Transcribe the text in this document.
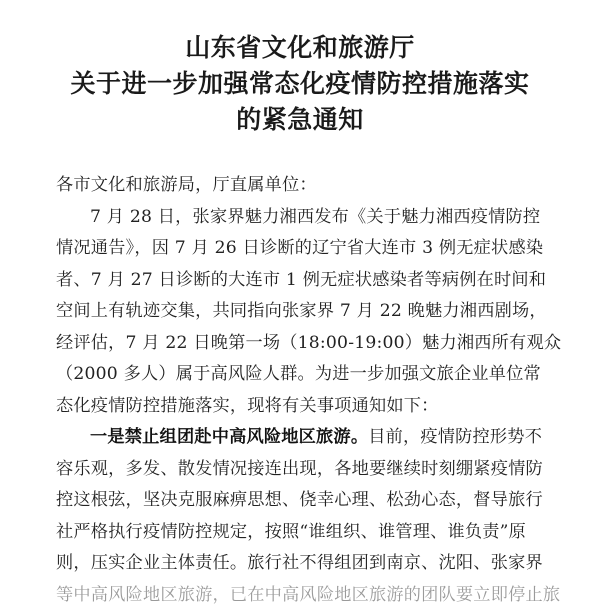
山东省文化和旅游厅
关于进一步加强常态化疫情防控措施落实
的紧急通知
各市文化和旅游局，厅直属单位：
7 月 28 日，张家界魅力湘西发布《关于魅力湘西疫情防控
情况通告》，因 7 月 26 日诊断的辽宁省大连市 3 例无症状感染
者、7 月 27 日诊断的大连市 1 例无症状感染者等病例在时间和
空间上有轨迹交集，共同指向张家界 7 月 22 晚魅力湘西剧场，
经评估，7 月 22 日晚第一场（18:00-19:00）魅力湘西所有观众
（2000 多人）属于高风险人群。为进一步加强文旅企业单位常
态化疫情防控措施落实，现将有关事项通知如下：
一是禁止组团赴中高风险地区旅游。目前，疫情防控形势不
容乐观，多发、散发情况接连出现，各地要继续时刻绷紧疫情防
控这根弦，坚决克服麻痹思想、侥幸心理、松劲心态，督导旅行
社严格执行疫情防控规定，按照“谁组织、谁管理、谁负责”原
则，压实企业主体责任。旅行社不得组团到南京、沈阳、张家界
等中高风险地区旅游，已在中高风险地区旅游的团队要立即停止旅
